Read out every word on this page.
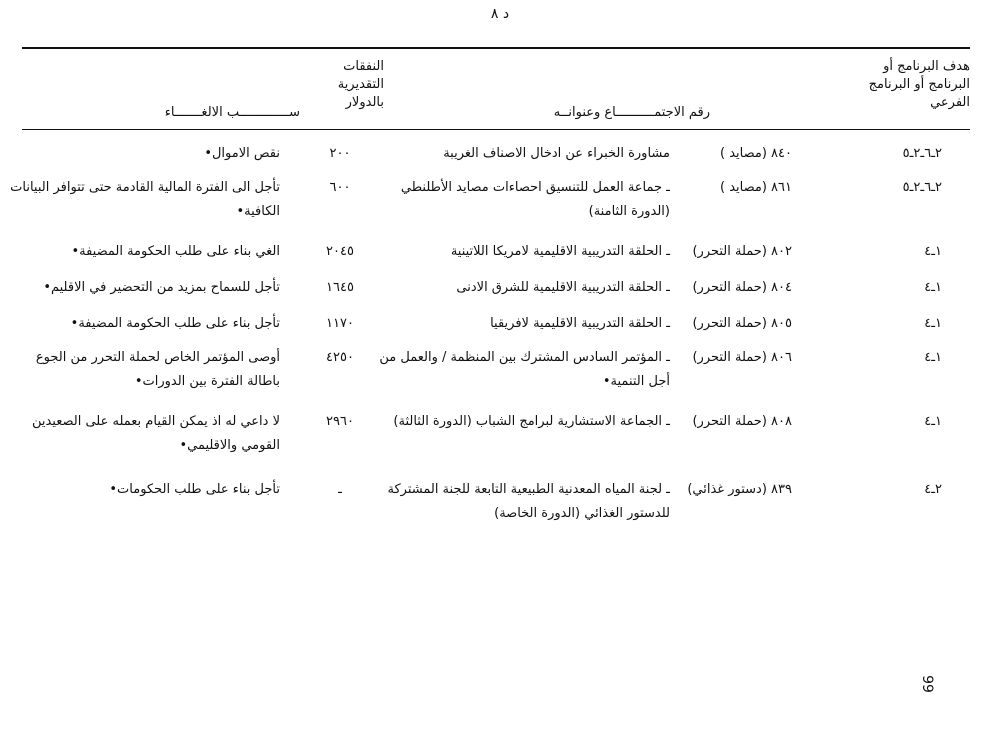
د ٨
هدف البرنامج أو
البرنامج أو البرنامج
الفرعي
رقم الاجتمــــــــــاع وعنوانــه
النفقات
التقديرية
بالدولار
ســـــــــــــب الالغـــــــاء
٢ـ٦ـ٢ـ٥
٨٤٠ (مصايد )
مشاورة الخبراء عن ادخال الاصناف الغريبة
٢٠٠
نقص الاموال•
٢ـ٦ـ٢ـ٥
٨٦١ (مصايد )
ـ جماعة العمل للتنسيق احصاءات مصايد الأطلنطي (الدورة الثامنة)
٦٠٠
تأجل الى الفترة المالية القادمة حتى تتوافر البيانات الكافية•
١ـ٤
٨٠٢ (حملة التحرر)
ـ الحلقة التدريبية الاقليمية لامريكا اللاتينية
٢٠٤٥
الغي بناء على طلب الحكومة المضيفة•
١ـ٤
٨٠٤ (حملة التحرر)
ـ الحلقة التدريبية الاقليمية للشرق الادنى
١٦٤٥
تأجل للسماح بمزيد من التحضير في الاقليم•
١ـ٤
٨٠٥ (حملة التحرر)
ـ الحلقة التدريبية الاقليمية لافريقيا
١١٧٠
تأجل بناء على طلب الحكومة المضيفة•
١ـ٤
٨٠٦ (حملة التحرر)
ـ المؤتمر السادس المشترك بين المنظمة / والعمل من أجل التنمية•
٤٢٥٠
أوصى المؤتمر الخاص لحملة التحرر من الجوع باطالة الفترة بين الدورات•
١ـ٤
٨٠٨ (حملة التحرر)
ـ الجماعة الاستشارية لبرامج الشباب (الدورة الثالثة)
٢٩٦٠
لا داعي له اذ يمكن القيام بعمله على الصعيدين القومي والاقليمي•
٢ـ٤
٨٣٩ (دستور غذائي)
ـ لجنة المياه المعدنية الطبيعية التابعة للجنة المشتركة للدستور الغذائي (الدورة الخاصة)
ـ
تأجل بناء على طلب الحكومات•
99
